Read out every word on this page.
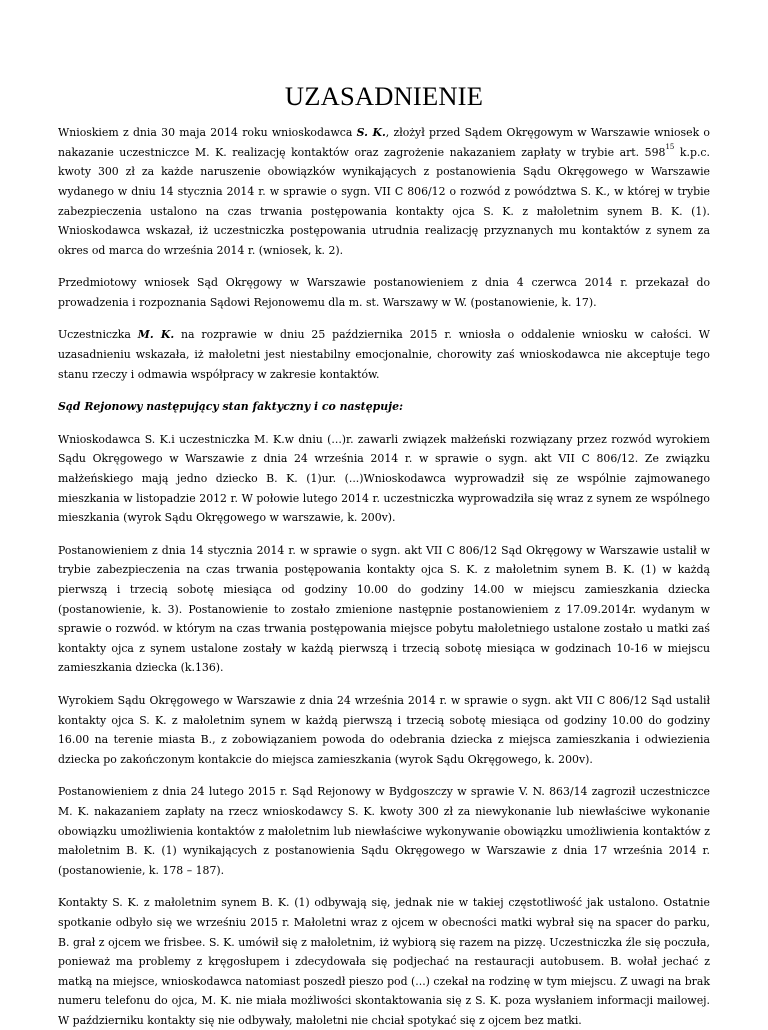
UZASADNIENIE

Wnioskiem z dnia 30 maja 2014 roku wnioskodawca S. K., złożył przed Sądem Okręgowym w Warszawie wniosek o nakazanie uczestniczce M. K. realizację kontaktów oraz zagrożenie nakazaniem zapłaty w trybie art. $598^{15}$ k.p.c. kwoty 300 zł za każde naruszenie obowiązków wynikających z postanowienia Sądu Okręgowego w Warszawie wydanego w dniu 14 stycznia 2014 r. w sprawie o sygn. VII C 806/12 o rozwód z powództwa S. K., w której w trybie zabezpieczenia ustalono na czas trwania postępowania kontakty ojca S. K. z małoletnim synem B. K. (1). Wnioskodawca wskazał, iż uczestniczka postępowania utrudnia realizację przyznanych mu kontaktów z synem za okres od marca do września 2014 r. (wniosek, k. 2).

Przedmiotowy wniosek Sąd Okręgowy w Warszawie postanowieniem z dnia 4 czerwca 2014 r. przekazał do prowadzenia i rozpoznania Sądowi Rejonowemu dla m. st. Warszawy w W. (postanowienie, k. 17).

Uczestniczka M. K. na rozprawie w dniu 25 października 2015 r. wniosła o oddalenie wniosku w całości. W uzasadnieniu wskazała, iż małoletni jest niestabilny emocjonalnie, chorowity zaś wnioskodawca nie akceptuje tego stanu rzeczy i odmawia współpracy w zakresie kontaktów.

Sąd Rejonowy następujący stan faktyczny i co następuje:

Wnioskodawca S. K.i uczestniczka M. K.w dniu (...)r. zawarli związek małżeński rozwiązany przez rozwód wyrokiem Sądu Okręgowego w Warszawie z dnia 24 września 2014 r. w sprawie o sygn. akt VII C 806/12. Ze związku małżeńskiego mają jedno dziecko B. K. (1)ur. (...)Wnioskodawca wyprowadził się ze wspólnie zajmowanego mieszkania w listopadzie 2012 r. W połowie lutego 2014 r. uczestniczka wyprowadziła się wraz z synem ze wspólnego mieszkania (wyrok Sądu Okręgowego w warszawie, k. 200v).

Postanowieniem z dnia 14 stycznia 2014 r. w sprawie o sygn. akt VII C 806/12 Sąd Okręgowy w Warszawie ustalił w trybie zabezpieczenia na czas trwania postępowania kontakty ojca S. K. z małoletnim synem B. K. (1) w każdą pierwszą i trzecią sobotę miesiąca od godziny 10.00 do godziny 14.00 w miejscu zamieszkania dziecka (postanowienie, k. 3). Postanowienie to zostało zmienione następnie postanowieniem z 17.09.2014r. wydanym w sprawie o rozwód. w którym na czas trwania postępowania miejsce pobytu małoletniego ustalone zostało u matki zaś kontakty ojca z synem ustalone zostały w każdą pierwszą i trzecią sobotę miesiąca w godzinach 10-16 w miejscu zamieszkania dziecka (k.136).

Wyrokiem Sądu Okręgowego w Warszawie z dnia 24 września 2014 r. w sprawie o sygn. akt VII C 806/12 Sąd ustalił kontakty ojca S. K. z małoletnim synem w każdą pierwszą i trzecią sobotę miesiąca od godziny 10.00 do godziny 16.00 na terenie miasta B., z zobowiązaniem powoda do odebrania dziecka z miejsca zamieszkania i odwiezienia dziecka po zakończonym kontakcie do miejsca zamieszkania (wyrok Sądu Okręgowego, k. 200v).

Postanowieniem z dnia 24 lutego 2015 r. Sąd Rejonowy w Bydgoszczy w sprawie V. N. 863/14 zagroził uczestniczce M. K. nakazaniem zapłaty na rzecz wnioskodawcy S. K. kwoty 300 zł za niewykonanie lub niewłaściwe wykonanie obowiązku umożliwienia kontaktów z małoletnim lub niewłaściwe wykonywanie obowiązku umożliwienia kontaktów z małoletnim B. K. (1) wynikających z postanowienia Sądu Okręgowego w Warszawie z dnia 17 września 2014 r. (postanowienie, k. 178 – 187).

Kontakty S. K. z małoletnim synem B. K. (1) odbywają się, jednak nie w takiej częstotliwość jak ustalono. Ostatnie spotkanie odbyło się we wrześniu 2015 r. Małoletni wraz z ojcem w obecności matki wybrał się na spacer do parku, B. grał z ojcem we frisbee. S. K. umówił się z małoletnim, iż wybiorą się razem na pizzę. Uczestniczka źle się poczuła, ponieważ ma problemy z kręgosłupem i zdecydowała się podjechać na restauracji autobusem. B. wołał jechać z matką na miejsce, wnioskodawca natomiast poszedł pieszo pod (...) czekał na rodzinę w tym miejscu. Z uwagi na brak numeru telefonu do ojca, M. K. nie miała możliwości skontaktowania się z S. K. poza wysłaniem informacji mailowej. W październiku kontakty się nie odbywały, małoletni nie chciał spotykać się z ojcem bez matki.
